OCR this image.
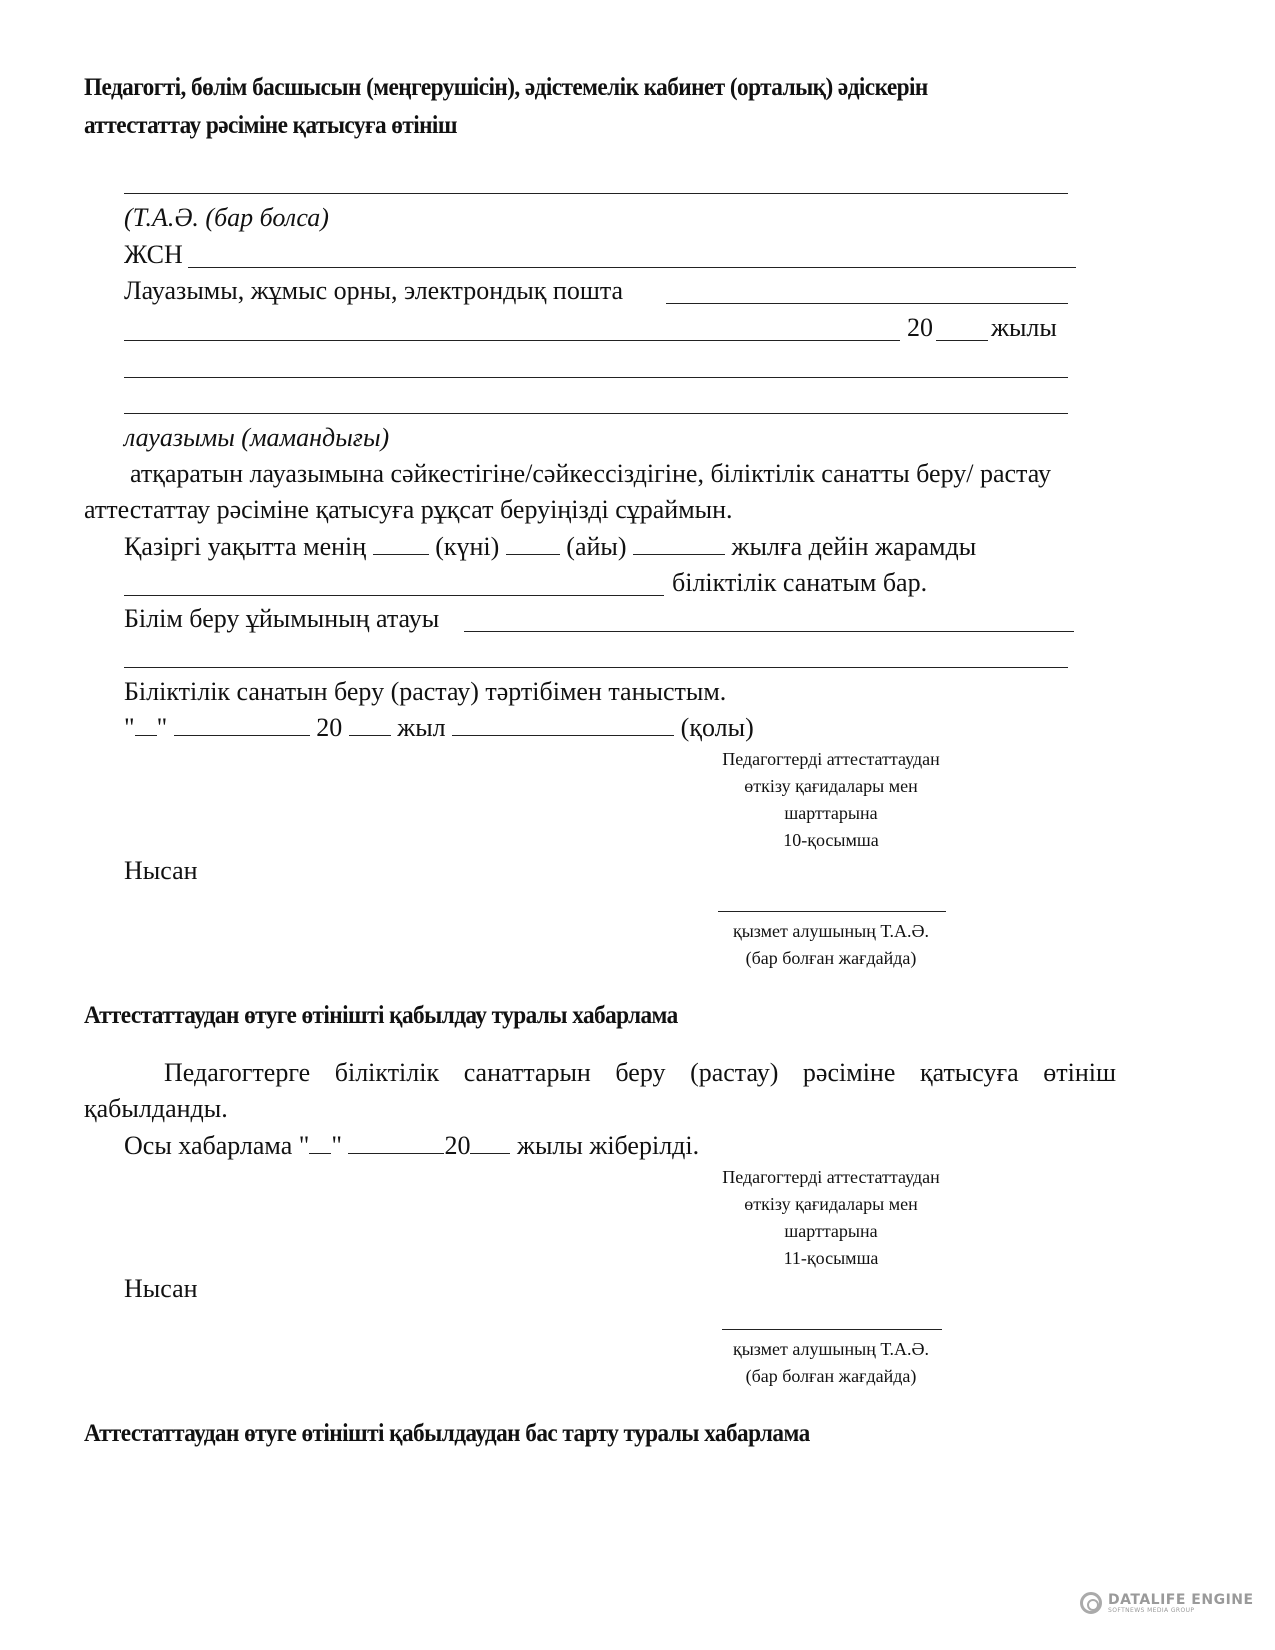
Педагогті, бөлім басшысын (меңгерушісін), әдістемелік кабинет (орталық) әдіскерін
аттестаттау рәсіміне қатысуға өтініш
(Т.А.Ә. (бар болса)
ЖСН
Лауазымы, жұмыс орны, электрондық пошта
20 жылы
лауазымы (мамандығы)
атқаратын лауазымына сәйкестігіне/сәйкессіздігіне, біліктілік санатты беру/ растау
аттестаттау рәсіміне қатысуға рұқсат беруіңізді сұраймын.
Қазіргі уақытта менің	(күні)	(айы)	жылға дейін жарамды
біліктілік санатым бар.
Білім беру ұйымының атауы
Біліктілік санатын беру (растау) тәртібімен таныстым.
" "	20 жыл	(қолы)
Педагогтерді аттестаттаудан
өткізу қағидалары мен
шарттарына
10-қосымша
Нысан
қызмет алушының Т.А.Ә.
(бар болған жағдайда)
Аттестаттаудан өтуге өтінішті қабылдау туралы хабарлама
Педагогтерге біліктілік санаттарын беру (растау) рәсіміне қатысуға өтініш
қабылданды.
Осы хабарлама " "	20 жылы жіберілді.
Педагогтерді аттестаттаудан
өткізу қағидалары мен
шарттарына
11-қосымша
Нысан
қызмет алушының Т.А.Ә.
(бар болған жағдайда)
Аттестаттаудан өтуге өтінішті қабылдаудан бас тарту туралы хабарлама
DATALIFE ENGINE
SOFTNEWS MEDIA GROUP
